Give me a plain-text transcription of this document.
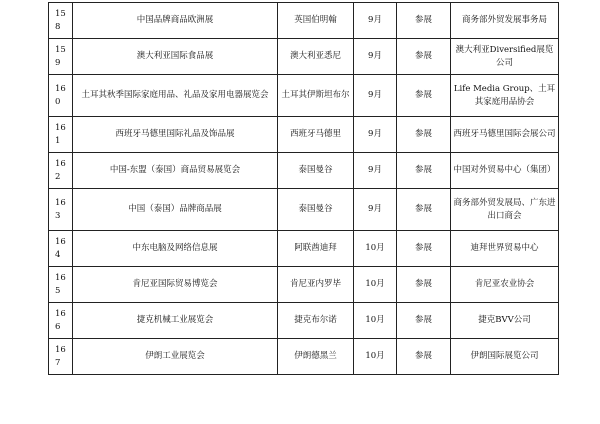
158	中国品牌商品欧洲展	英国伯明翰	9月	参展	商务部外贸发展事务局
159	澳大利亚国际食品展	澳大利亚悉尼	9月	参展	澳大利亚Diversified展览公司
160	土耳其秋季国际家庭用品、礼品及家用电器展览会	土耳其伊斯坦布尔	9月	参展	Life Media Group、土耳其家庭用品协会
161	西班牙马德里国际礼品及饰品展	西班牙马德里	9月	参展	西班牙马德里国际会展公司
162	中国-东盟（泰国）商品贸易展览会	泰国曼谷	9月	参展	中国对外贸易中心（集团）
163	中国（泰国）品牌商品展	泰国曼谷	9月	参展	商务部外贸发展局、广东进出口商会
164	中东电脑及网络信息展	阿联酋迪拜	10月	参展	迪拜世界贸易中心
165	肯尼亚国际贸易博览会	肯尼亚内罗毕	10月	参展	肯尼亚农业协会
166	捷克机械工业展览会	捷克布尔诺	10月	参展	捷克BVV公司
167	伊朗工业展览会	伊朗德黑兰	10月	参展	伊朗国际展览公司
